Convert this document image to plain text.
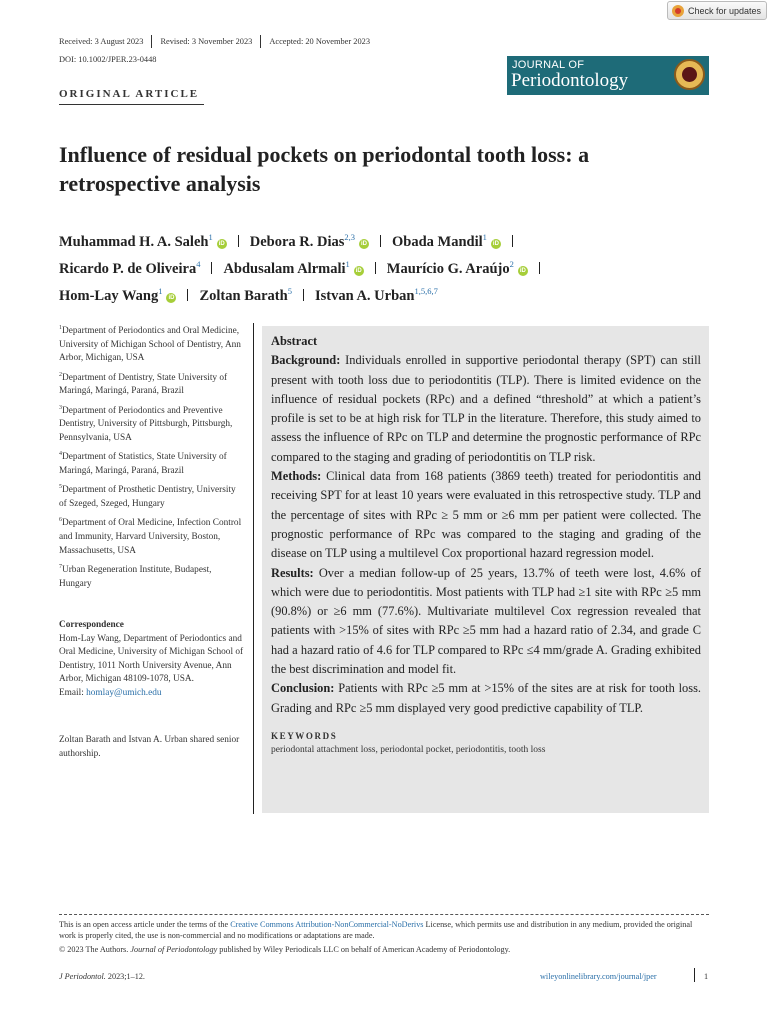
Check for updates
Received: 3 August 2023 Revised: 3 November 2023 Accepted: 20 November 2023
DOI: 10.1002/JPER.23-0448	JOURNAL OF
Periodontology
ORIGINAL ARTICLE
Influence of residual pockets on periodontal tooth loss: a retrospective analysis
Muhammad H. A. Saleh$^1$iD Debora R. Dias$^{2,3}$iD Obada Mandil$^1$iD
Ricardo P. de Oliveira$^4$ Abdusalam Alrmali$^1$iD Maurício G. Araújo$^2$iD
Hom-Lay Wang$^1$iD Zoltan Barath$^5$ Istvan A. Urban$^{1,5,6,7}$

$^1$Department of Periodontics and Oral Medicine, University of Michigan School of Dentistry, Ann Arbor, Michigan, USA

$^2$Department of Dentistry, State University of Maringá, Maringá, Paraná, Brazil

$^3$Department of Periodontics and Preventive Dentistry, University of Pittsburgh, Pittsburgh, Pennsylvania, USA

$^4$Department of Statistics, State University of Maringá, Maringá, Paraná, Brazil

$^5$Department of Prosthetic Dentistry, University of Szeged, Szeged, Hungary

$^6$Department of Oral Medicine, Infection Control and Immunity, Harvard University, Boston, Massachusetts, USA

$^7$Urban Regeneration Institute, Budapest, Hungary

Correspondence
Hom-Lay Wang, Department of Periodontics and Oral Medicine, University of Michigan School of Dentistry, 1011 North University Avenue, Ann Arbor, Michigan 48109-1078, USA.
Email: homlay@umich.edu
Zoltan Barath and Istvan A. Urban shared senior authorship.
Abstract

Background: Individuals enrolled in supportive periodontal therapy (SPT) can still present with tooth loss due to periodontitis (TLP). There is limited evidence on the influence of residual pockets (RPc) and a defined “threshold” at which a patient’s profile is set to be at high risk for TLP in the literature. Therefore, this study aimed to assess the influence of RPc on TLP and determine the prognostic performance of RPc compared to the staging and grading of periodontitis on TLP risk.

Methods: Clinical data from 168 patients (3869 teeth) treated for periodontitis and receiving SPT for at least 10 years were evaluated in this retrospective study. TLP and the percentage of sites with RPc ≥ 5 mm or ≥6 mm per patient were collected. The prognostic performance of RPc was compared to the staging and grading of the disease on TLP using a multilevel Cox proportional hazard regression model.

Results: Over a median follow-up of 25 years, 13.7% of teeth were lost, 4.6% of which were due to periodontitis. Most patients with TLP had ≥1 site with RPc ≥5 mm (90.8%) or ≥6 mm (77.6%). Multivariate multilevel Cox regression revealed that patients with >15% of sites with RPc ≥5 mm had a hazard ratio of 2.34, and grade C had a hazard ratio of 4.6 for TLP compared to RPc ≤4 mm/grade A. Grading exhibited the best discrimination and model fit.

Conclusion: Patients with RPc ≥5 mm at >15% of the sites are at risk for tooth loss. Grading and RPc ≥5 mm displayed very good predictive capability of TLP.

KEYWORDS
periodontal attachment loss, periodontal pocket, periodontitis, tooth loss
This is an open access article under the terms of the Creative Commons Attribution-NonCommercial-NoDerivs License, which permits use and distribution in any medium, provided the original work is properly cited, the use is non-commercial and no modifications or adaptations are made.
© 2023 The Authors. Journal of Periodontology published by Wiley Periodicals LLC on behalf of American Academy of Periodontology.
J Periodontol. 2023;1–12.	wileyonlinelibrary.com/journal/jper	1
